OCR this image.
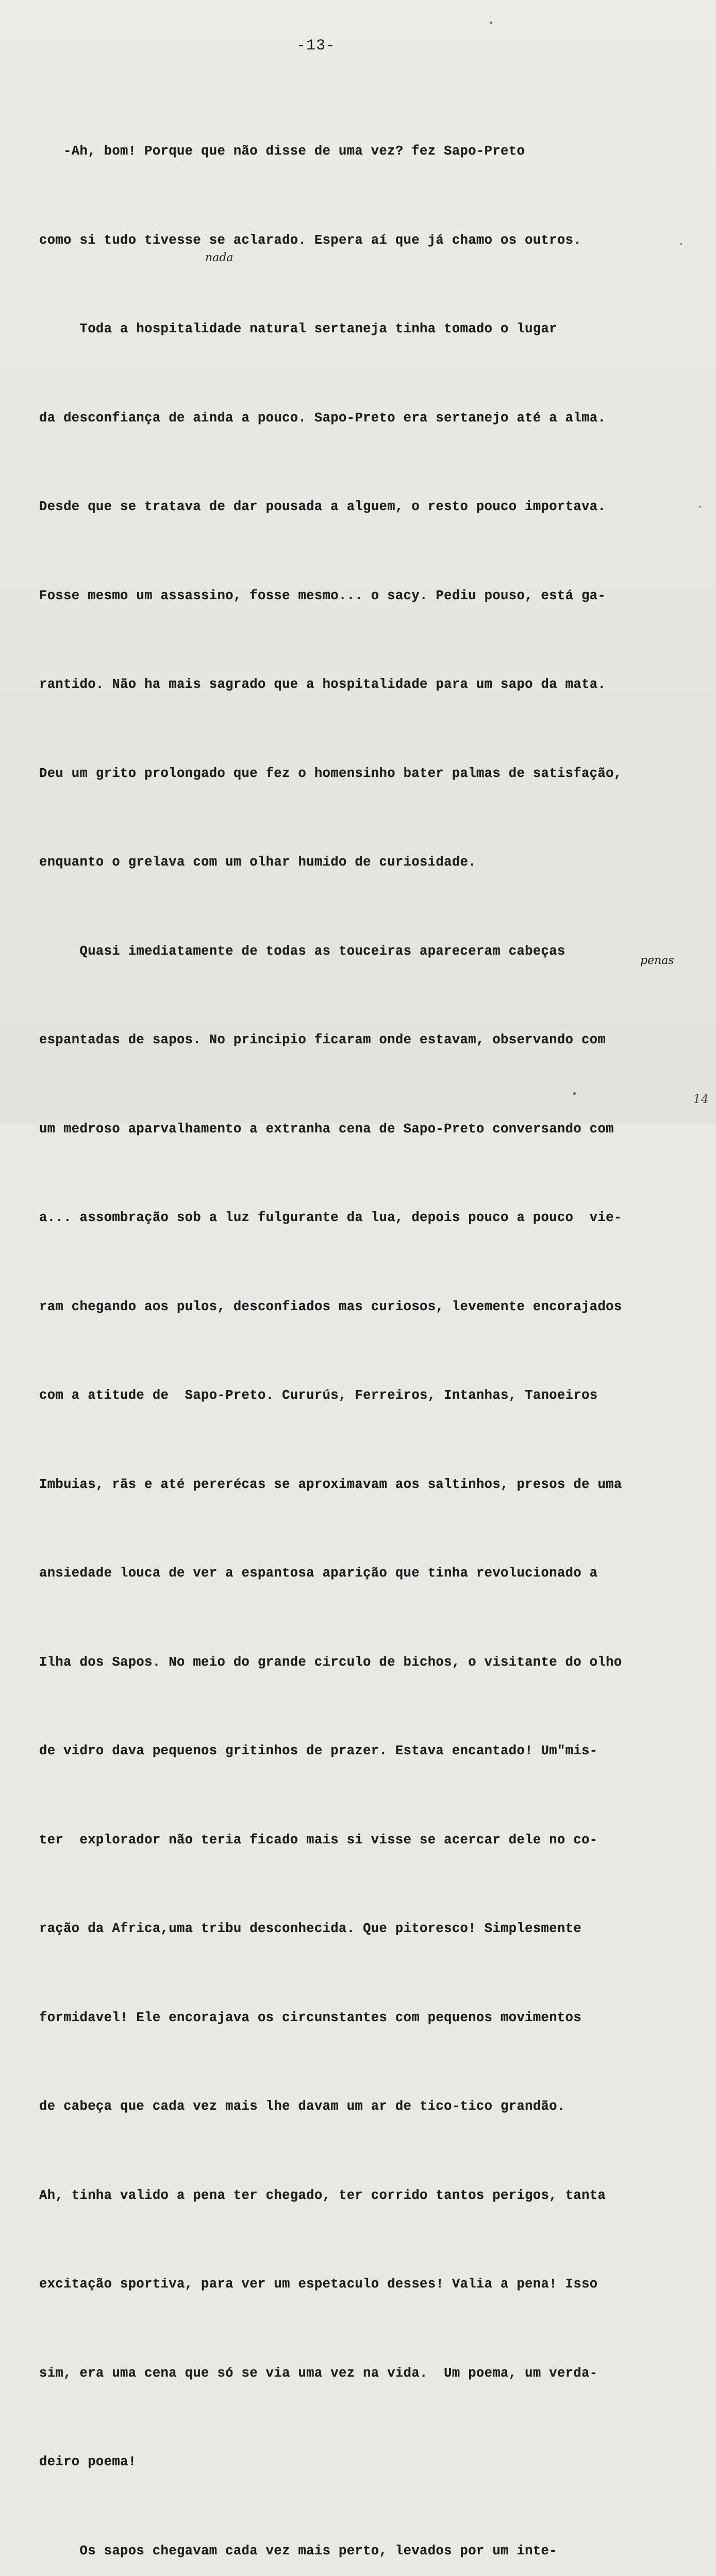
-13-

-Ah, bom! Porque que não disse de uma vez? fez Sapo-Preto

como si tudo tivesse se aclarado. Espera aí que já chamo os outros.

Toda a hospitalidade natural sertaneja tinha tomado o lugar

da desconfiança de ainda a pouco. Sapo-Preto era sertanejo até a alma.

Desde que se tratava de dar pousada a alguem, o resto pouco importava.

Fosse mesmo um assassino, fosse mesmo... o sacy. Pediu pouso, está ga-

rantido. Não ha mais sagrado que a hospitalidade para um sapo da mata.

Deu um grito prolongado que fez o homensinho bater palmas de satisfação,

enquanto o grelava com um olhar humido de curiosidade.

Quasi imediatamente de todas as touceiras apareceram cabeças

espantadas de sapos. No principio ficaram onde estavam, observando com

um medroso aparvalhamento a extranha cena de Sapo-Preto conversando com

a... assombração sob a luz fulgurante da lua, depois pouco a pouco  vie-

ram chegando aos pulos, desconfiados mas curiosos, levemente encorajados

com a atitude de  Sapo-Preto. Cururús, Ferreiros, Intanhas, Tanoeiros

Imbuias, rãs e até pererécas se aproximavam aos saltinhos, presos de uma

ansiedade louca de ver a espantosa aparição que tinha revolucionado a

Ilha dos Sapos. No meio do grande circulo de bichos, o visitante do olho

de vidro dava pequenos gritinhos de prazer. Estava encantado! Um"mis-

ter  explorador não teria ficado mais si visse se acercar dele no co-

ração da Africa,uma tribu desconhecida. Que pitoresco! Simplesmente

formidavel! Ele encorajava os circunstantes com pequenos movimentos

de cabeça que cada vez mais lhe davam um ar de tico-tico grandão.

Ah, tinha valido a pena ter chegado, ter corrido tantos perigos, tanta

excitação sportiva, para ver um espetaculo desses! Valia a pena! Isso

sim, era uma cena que só se via uma vez na vida.  Um poema, um verda-

deiro poema!

Os sapos chegavam cada vez mais perto, levados por um inte-

nada
penas
14
